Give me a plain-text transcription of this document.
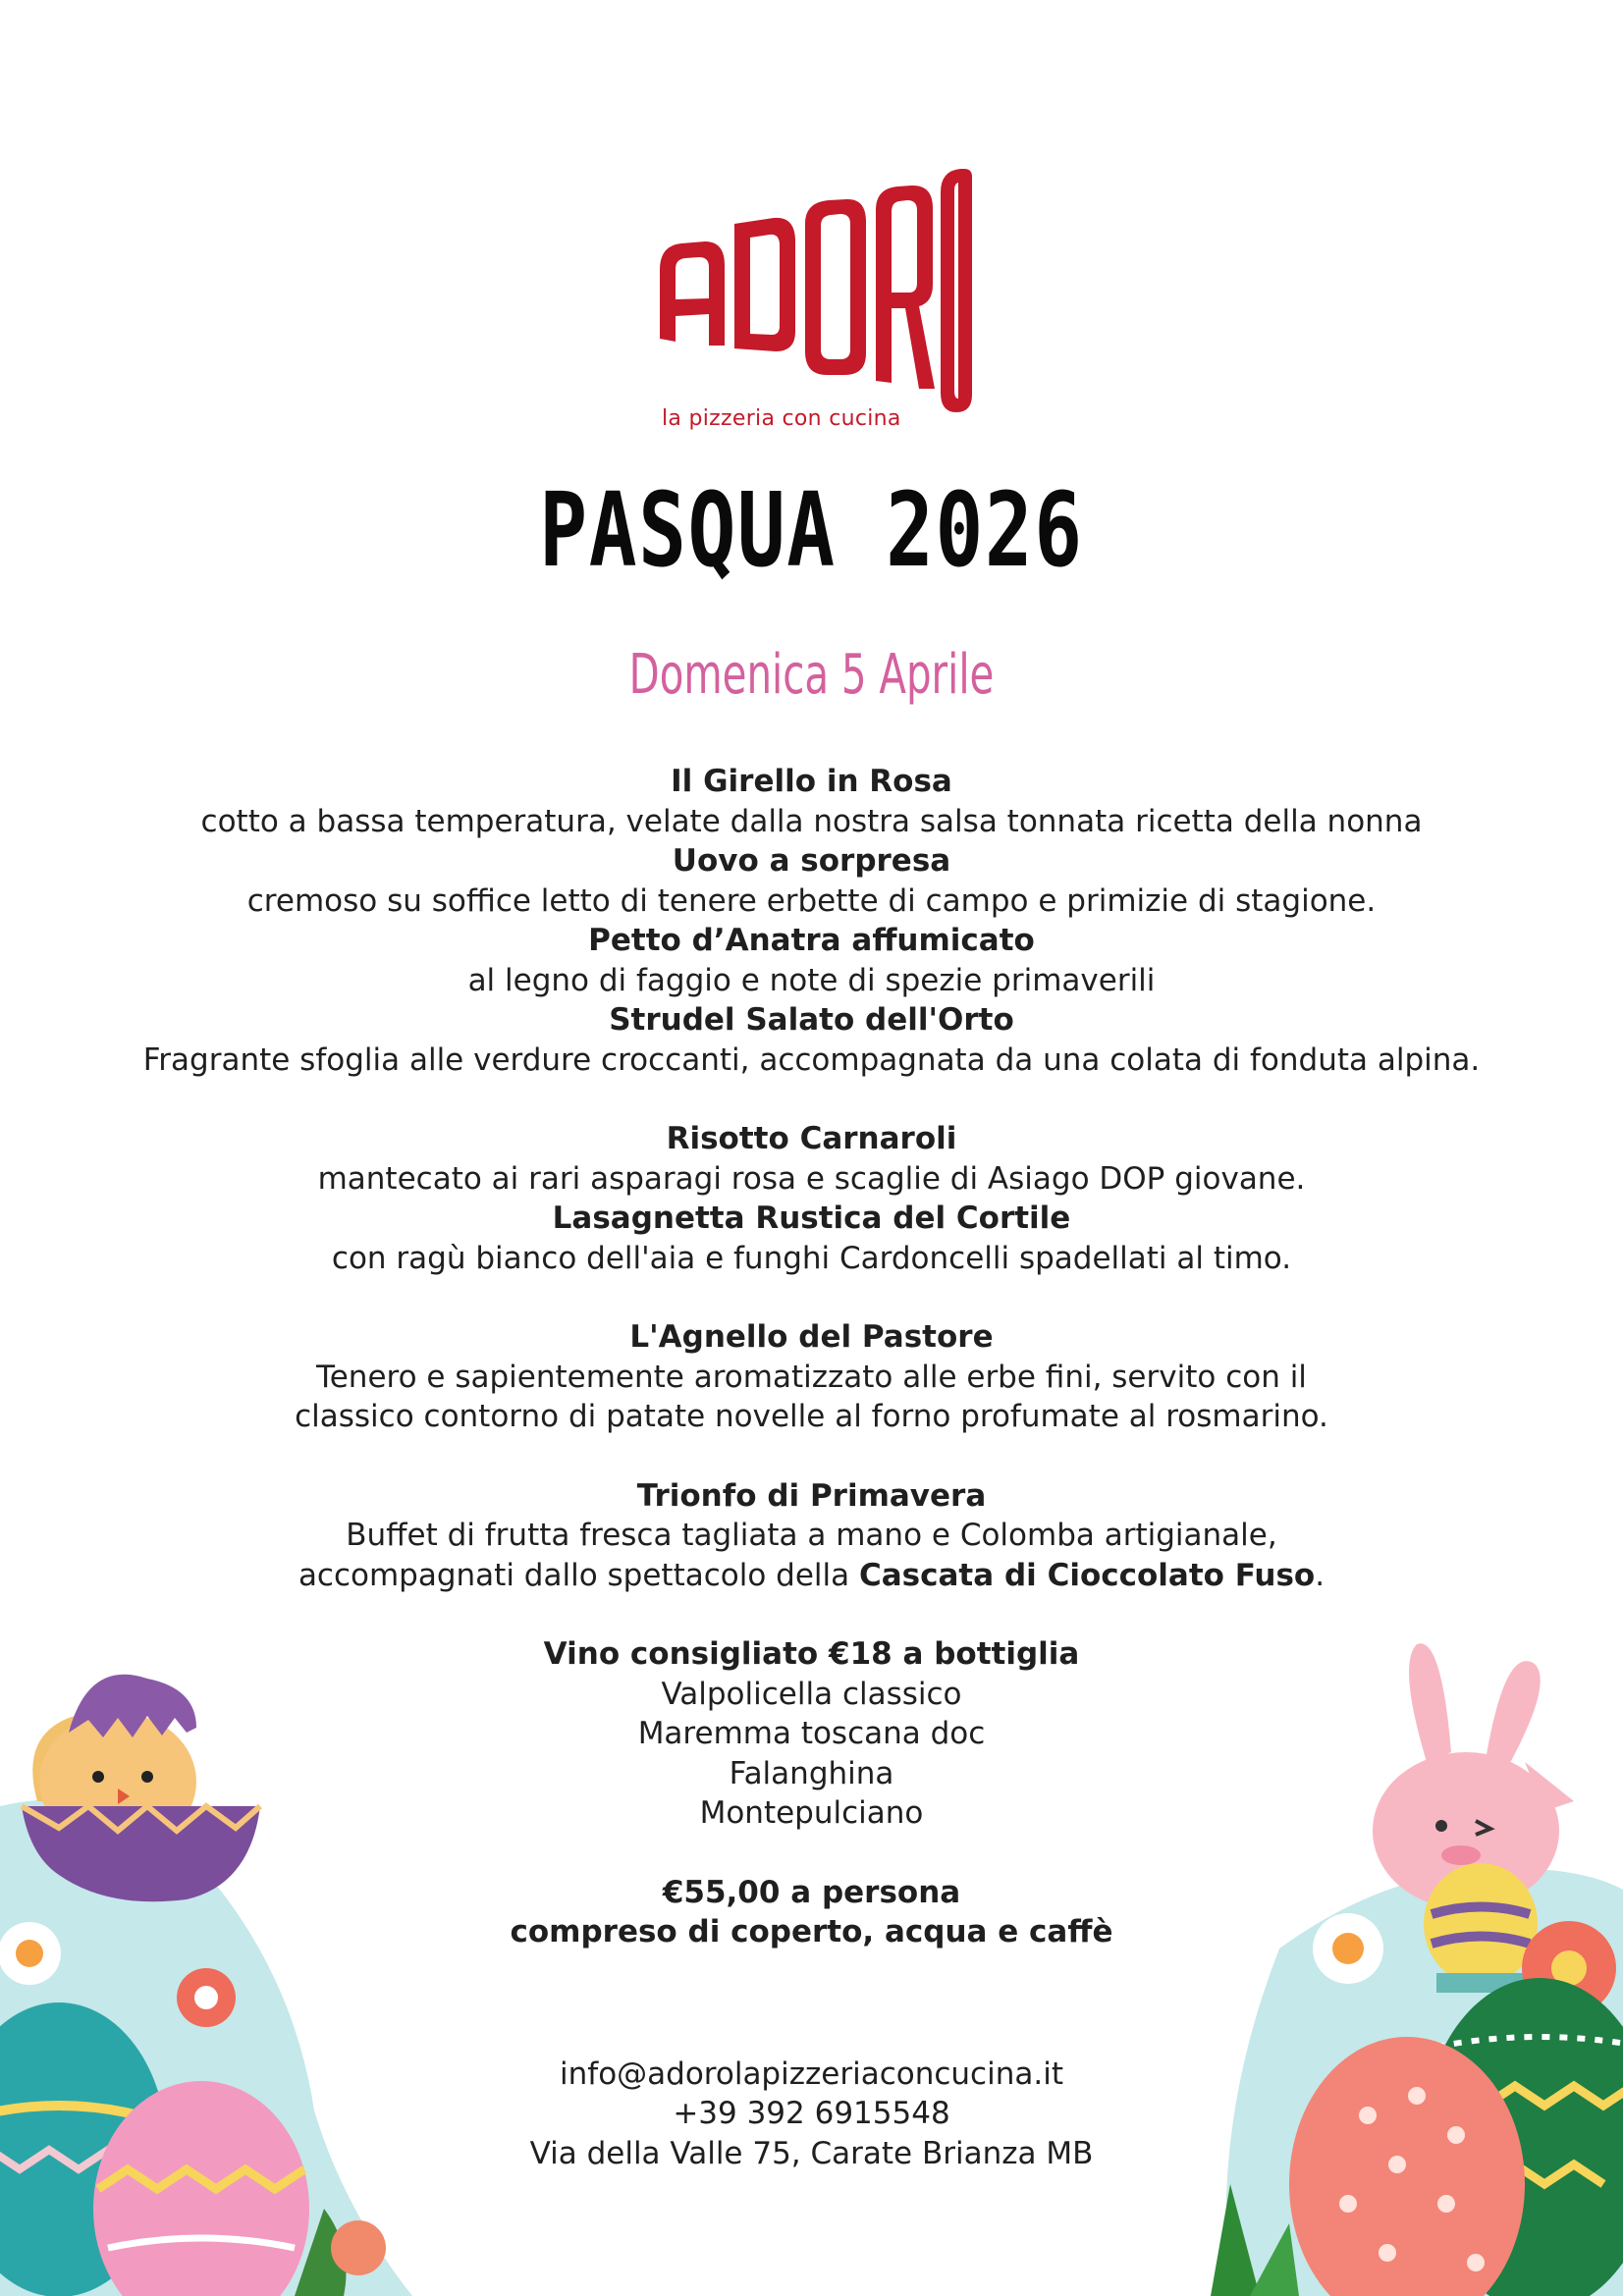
la pizzeria con cucina
PASQUA 2026
Domenica 5 Aprile
Il Girello in Rosa
cotto a bassa temperatura, velate dalla nostra salsa tonnata ricetta della nonna
Uovo a sorpresa
cremoso su soffice letto di tenere erbette di campo e primizie di stagione.
Petto d’Anatra affumicato
al legno di faggio e note di spezie primaverili
Strudel Salato dell'Orto
Fragrante sfoglia alle verdure croccanti, accompagnata da una colata di fonduta alpina.
Risotto Carnaroli
mantecato ai rari asparagi rosa e scaglie di Asiago DOP giovane.
Lasagnetta Rustica del Cortile
con ragù bianco dell'aia e funghi Cardoncelli spadellati al timo.
L'Agnello del Pastore
Tenero e sapientemente aromatizzato alle erbe fini, servito con il
classico contorno di patate novelle al forno profumate al rosmarino.
Trionfo di Primavera
Buffet di frutta fresca tagliata a mano e Colomba artigianale,
accompagnati dallo spettacolo della Cascata di Cioccolato Fuso.
Vino consigliato €18 a bottiglia
Valpolicella classico
Maremma toscana doc
Falanghina
Montepulciano
€55,00 a persona
compreso di coperto, acqua e caffè
info@adorolapizzeriaconcucina.it
+39 392 6915548
Via della Valle 75, Carate Brianza MB
